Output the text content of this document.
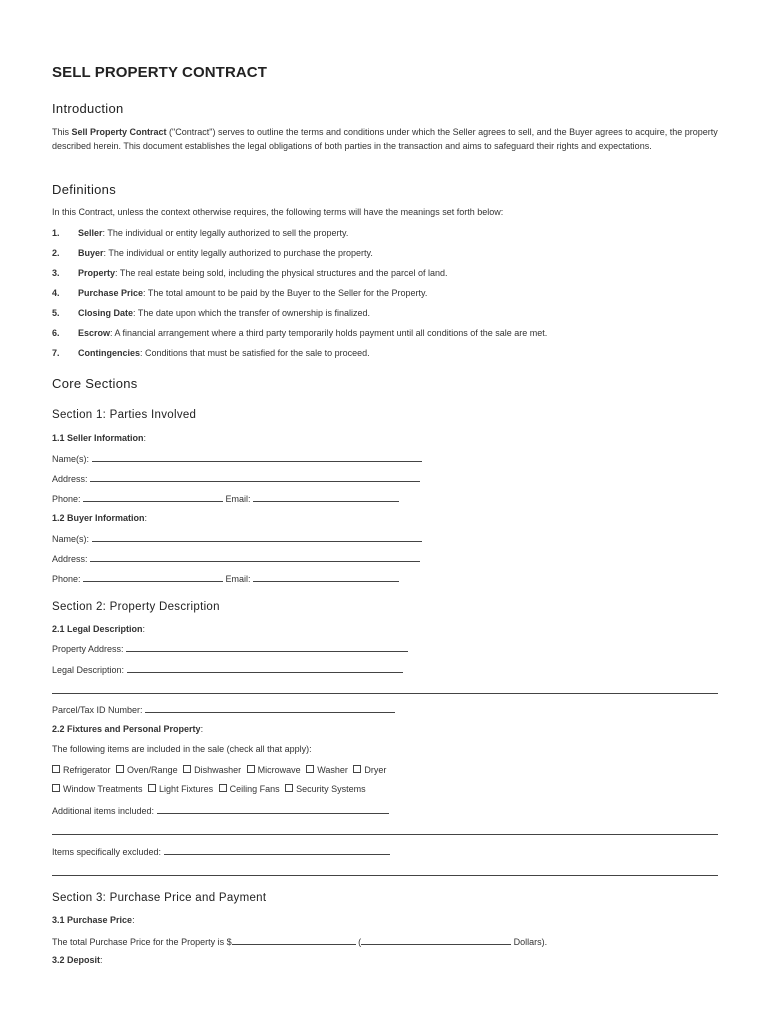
SELL PROPERTY CONTRACT
Introduction
This Sell Property Contract ("Contract") serves to outline the terms and conditions under which the Seller agrees to sell, and the Buyer agrees to acquire, the property described herein. This document establishes the legal obligations of both parties in the transaction and aims to safeguard their rights and expectations.
Definitions
In this Contract, unless the context otherwise requires, the following terms will have the meanings set forth below:
1. Seller: The individual or entity legally authorized to sell the property.
2. Buyer: The individual or entity legally authorized to purchase the property.
3. Property: The real estate being sold, including the physical structures and the parcel of land.
4. Purchase Price: The total amount to be paid by the Buyer to the Seller for the Property.
5. Closing Date: The date upon which the transfer of ownership is finalized.
6. Escrow: A financial arrangement where a third party temporarily holds payment until all conditions of the sale are met.
7. Contingencies: Conditions that must be satisfied for the sale to proceed.
Core Sections
Section 1: Parties Involved
1.1 Seller Information:
Name(s):
Address:
Phone:	Email:
1.2 Buyer Information:
Name(s):
Address:
Phone:	Email:
Section 2: Property Description
2.1 Legal Description:
Property Address:
Legal Description:
Parcel/Tax ID Number:
2.2 Fixtures and Personal Property:
The following items are included in the sale (check all that apply):
Refrigerator Oven/Range Dishwasher Microwave Washer Dryer
Window Treatments Light Fixtures Ceiling Fans Security Systems
Additional items included:
Items specifically excluded:
Section 3: Purchase Price and Payment
3.1 Purchase Price:
The total Purchase Price for the Property is $	(	Dollars).
3.2 Deposit:
